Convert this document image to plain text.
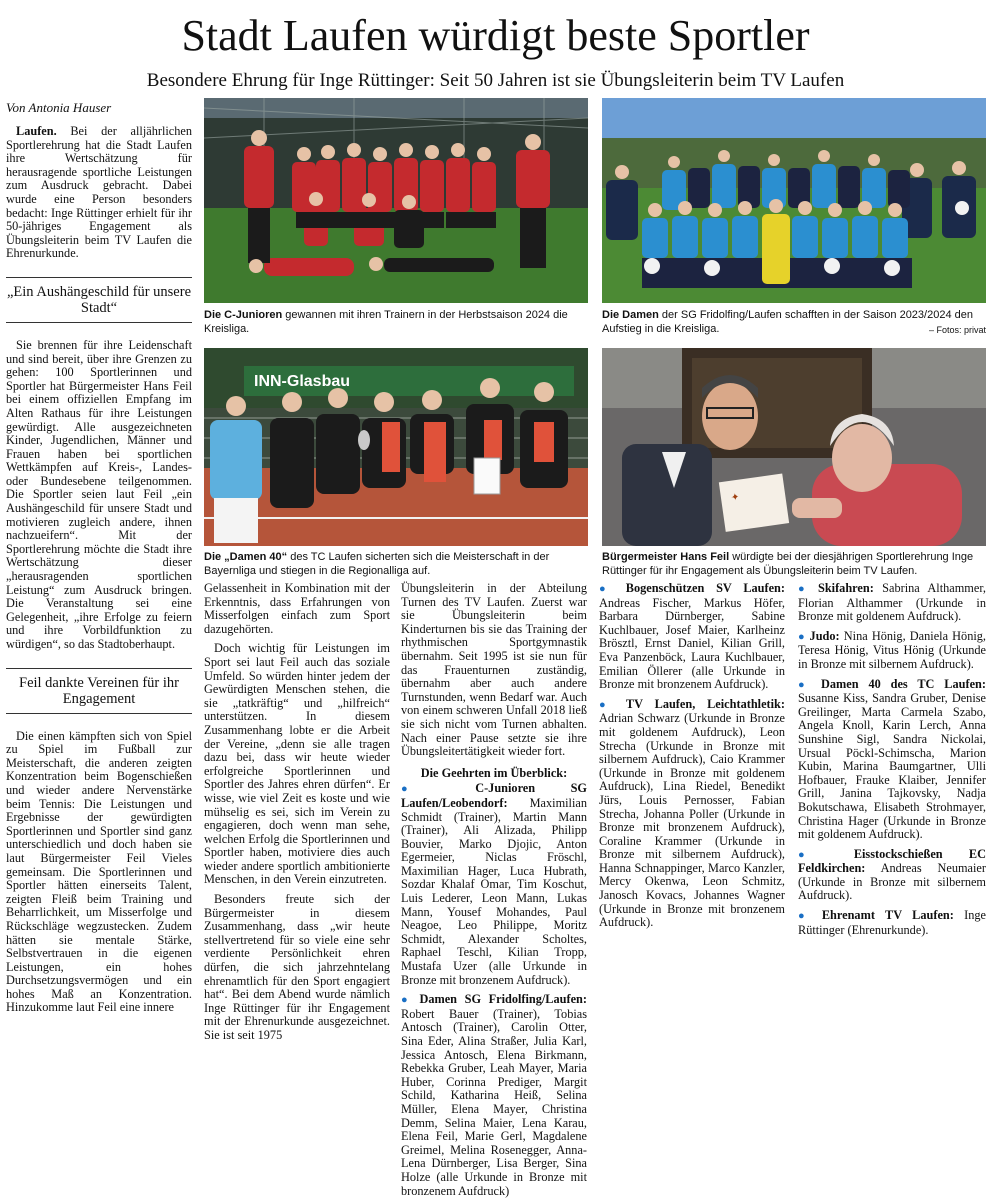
Stadt Laufen würdigt beste Sportler
Besondere Ehrung für Inge Rüttinger: Seit 50 Jahren ist sie Übungsleiterin beim TV Laufen
Von Antonia Hauser

Laufen. Bei der alljährlichen Sportlerehrung hat die Stadt Laufen ihre Wertschätzung für herausragende sportliche Leistungen zum Ausdruck gebracht. Dabei wurde eine Person besonders bedacht: Inge Rüttinger erhielt für ihr 50-jähriges Engagement als Übungsleiterin beim TV Laufen die Ehrenurkunde.

„Ein Aushängeschild für unsere Stadt“

Sie brennen für ihre Leidenschaft und sind bereit, über ihre Grenzen zu gehen: 100 Sportlerinnen und Sportler hat Bürgermeister Hans Feil bei einem offiziellen Empfang im Alten Rathaus für ihre Leistungen gewürdigt. Alle ausgezeichneten Kinder, Jugendlichen, Männer und Frauen haben bei sportlichen Wettkämpfen auf Kreis-, Landes- oder Bundesebene teilgenommen. Die Sportler seien laut Feil „ein Aushängeschild für unsere Stadt und motivieren zugleich andere, ihnen nachzueifern“. Mit der Sportlerehrung möchte die Stadt ihre Wertschätzung dieser „herausragenden sportlichen Leistung“ zum Ausdruck bringen. Die Veranstaltung sei eine Gelegenheit, „ihre Erfolge zu feiern und ihre Vorbildfunktion zu würdigen“, so das Stadtoberhaupt.

Feil dankte Vereinen für ihr Engagement

Die einen kämpften sich von Spiel zu Spiel im Fußball zur Meisterschaft, die anderen zeigten Konzentration beim Bogenschießen und wieder andere Nervenstärke beim Tennis: Die Leistungen und Ergebnisse der gewürdigten Sportlerinnen und Sportler sind ganz unterschiedlich und doch haben sie laut Bürgermeister Feil Vieles gemeinsam. Die Sportlerinnen und Sportler hätten einerseits Talent, zeigten Fleiß beim Training und Beharrlichkeit, um Misserfolge und Rückschläge wegzustecken. Zudem hätten sie mentale Stärke, Selbstvertrauen in die eigenen Leistungen, ein hohes Durchsetzungsvermögen und ein hohes Maß an Konzentration. Hinzukomme laut Feil eine innere

Die C-Junioren gewannen mit ihren Trainern in der Herbstsaison 2024 die Kreisliga.
Die Damen der SG Fridolfing/Laufen schafften in der Saison 2023/2024 den Aufstieg in die Kreisliga.	– Fotos: privat
INN-Glasbau
Die „Damen 40“ des TC Laufen sicherten sich die Meisterschaft in der Bayernliga und stiegen in die Regionalliga auf.
✦
Bürgermeister Hans Feil würdigte bei der diesjährigen Sportlerehrung Inge Rüttinger für ihr Engagement als Übungsleiterin beim TV Laufen.

Gelassenheit in Kombination mit der Erkenntnis, dass Erfahrungen von Misserfolgen einfach zum Sport dazugehörten.

Doch wichtig für Leistungen im Sport sei laut Feil auch das soziale Umfeld. So würden hinter jedem der Gewürdigten Menschen stehen, die sie „tatkräftig“ und „hilfreich“ unterstützen. In diesem Zusammenhang lobte er die Arbeit der Vereine, „denn sie alle tragen dazu bei, dass wir heute wieder erfolgreiche Sportlerinnen und Sportler des Jahres ehren dürfen“. Er wisse, wie viel Zeit es koste und wie mühselig es sei, sich im Verein zu engagieren, doch wenn man sehe, welchen Erfolg die Sportlerinnen und Sportler haben, motiviere dies auch wieder andere sportlich ambitionierte Menschen, in den Verein einzutreten.

Besonders freute sich der Bürgermeister in diesem Zusammenhang, dass „wir heute stellvertretend für so viele eine sehr verdiente Persönlichkeit ehren dürfen, die sich jahrzehntelang ehrenamtlich für den Sport engagiert hat“. Bei dem Abend wurde nämlich Inge Rüttinger für ihr Engagement mit der Ehrenurkunde ausgezeichnet. Sie ist seit 1975

Übungsleiterin in der Abteilung Turnen des TV Laufen. Zuerst war sie Übungsleiterin beim Kinderturnen bis sie das Training der rhythmischen Sportgymnastik übernahm. Seit 1995 ist sie nun für das Frauenturnen zuständig, übernahm aber auch andere Turnstunden, wenn Bedarf war. Auch von einem schweren Unfall 2018 ließ sie sich nicht vom Turnen abhalten. Nach einer Pause setzte sie ihre Übungsleitertätigkeit wieder fort.

Die Geehrten im Überblick:

● C-Junioren SG Laufen/Leobendorf: Maximilian Schmidt (Trainer), Martin Mann (Trainer), Ali Alizada, Philipp Bouvier, Marko Djojic, Anton Egermeier, Niclas Fröschl, Maximilian Hager, Luca Hubrath, Sozdar Khalaf Omar, Tim Koschut, Luis Lederer, Leon Mann, Lukas Mann, Yousef Mohandes, Paul Neagoe, Leo Philippe, Moritz Schmidt, Alexander Scholtes, Raphael Teschl, Kilian Tropp, Mustafa Uzer (alle Urkunde in Bronze mit bronzenem Aufdruck).

● Damen SG Fridolfing/Laufen: Robert Bauer (Trainer), Tobias Antosch (Trainer), Carolin Otter, Sina Eder, Alina Straßer, Julia Karl, Jessica Antosch, Elena Birkmann, Rebekka Gruber, Leah Mayer, Maria Huber, Corinna Prediger, Margit Schild, Katharina Heiß, Selina Müller, Elena Mayer, Christina Demm, Selina Maier, Lena Karau, Elena Feil, Marie Gerl, Magdalene Greimel, Melina Rosenegger, Anna-Lena Dürnberger, Lisa Berger, Sina Holze (alle Urkunde in Bronze mit bronzenem Aufdruck)

● Bogenschützen SV Laufen: Andreas Fischer, Markus Höfer, Barbara Dürnberger, Sabine Kuchlbauer, Josef Maier, Karlheinz Brösztl, Ernst Daniel, Kilian Grill, Eva Panzenböck, Laura Kuchlbauer, Emilian Öllerer (alle Urkunde in Bronze mit bronzenem Aufdruck).

● TV Laufen, Leichtathletik: Adrian Schwarz (Urkunde in Bronze mit goldenem Aufdruck), Leon Strecha (Urkunde in Bronze mit silbernem Aufdruck), Caio Krammer (Urkunde in Bronze mit goldenem Aufdruck), Lina Riedel, Benedikt Jürs, Louis Pernosser, Fabian Strecha, Johanna Poller (Urkunde in Bronze mit bronzenem Aufdruck), Coraline Krammer (Urkunde in Bronze mit silbernem Aufdruck), Hanna Schnappinger, Marco Kanzler, Mercy Okenwa, Leon Schmitz, Janosch Kovacs, Johannes Wagner (Urkunde in Bronze mit bronzenem Aufdruck).

● Skifahren: Sabrina Althammer, Florian Althammer (Urkunde in Bronze mit goldenem Aufdruck).

● Judo: Nina Hönig, Daniela Hönig, Teresa Hönig, Vitus Hönig (Urkunde in Bronze mit silbernem Aufdruck).

● Damen 40 des TC Laufen: Susanne Kiss, Sandra Gruber, Denise Greilinger, Marta Carmela Szabo, Angela Knoll, Karin Lerch, Anna Sunshine Sigl, Sandra Nickolai, Ursual Pöckl-Schimscha, Marion Kubin, Marina Baumgartner, Ulli Hofbauer, Frauke Klaiber, Jennifer Grill, Janina Tajkovsky, Nadja Bokutschawa, Elisabeth Strohmayer, Christina Hager (Urkunde in Bronze mit goldenem Aufdruck).

● Eisstockschießen EC Feldkirchen: Andreas Neumaier (Urkunde in Bronze mit silbernem Aufdruck).

● Ehrenamt TV Laufen: Inge Rüttinger (Ehrenurkunde).
